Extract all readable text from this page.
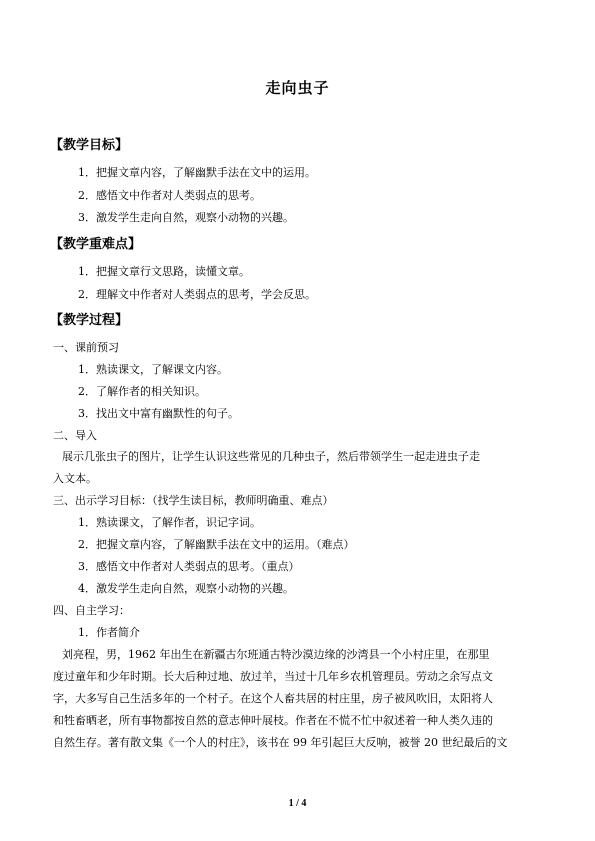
走向虫子
【教学目标】
1．把握文章内容，了解幽默手法在文中的运用。
2．感悟文中作者对人类弱点的思考。
3．激发学生走向自然，观察小动物的兴趣。
【教学重难点】
1．把握文章行文思路，读懂文章。
2．理解文中作者对人类弱点的思考，学会反思。
【教学过程】
一、课前预习
1．熟读课文，了解课文内容。
2．了解作者的相关知识。
3．找出文中富有幽默性的句子。
二、导入
展示几张虫子的图片，让学生认识这些常见的几种虫子，然后带领学生一起走进虫子走
入文本。
三、出示学习目标：（找学生读目标，教师明确重、难点）
1．熟读课文，了解作者，识记字词。
2．把握文章内容，了解幽默手法在文中的运用。（难点）
3．感悟文中作者对人类弱点的思考。（重点）
4．激发学生走向自然，观察小动物的兴趣。
四、自主学习：
1．作者简介
刘亮程，男，1962 年出生在新疆古尔班通古特沙漠边缘的沙湾县一个小村庄里，在那里
度过童年和少年时期。长大后种过地、放过羊，当过十几年乡农机管理员。劳动之余写点文
字，大多写自己生活多年的一个村子。在这个人畜共居的村庄里，房子被风吹旧，太阳将人
和牲畜晒老，所有事物都按自然的意志伸叶展枝。作者在不慌不忙中叙述着一种人类久违的
自然生存。著有散文集《一个人的村庄》，该书在 99 年引起巨大反响，被誉 20 世纪最后的文
1 / 4
